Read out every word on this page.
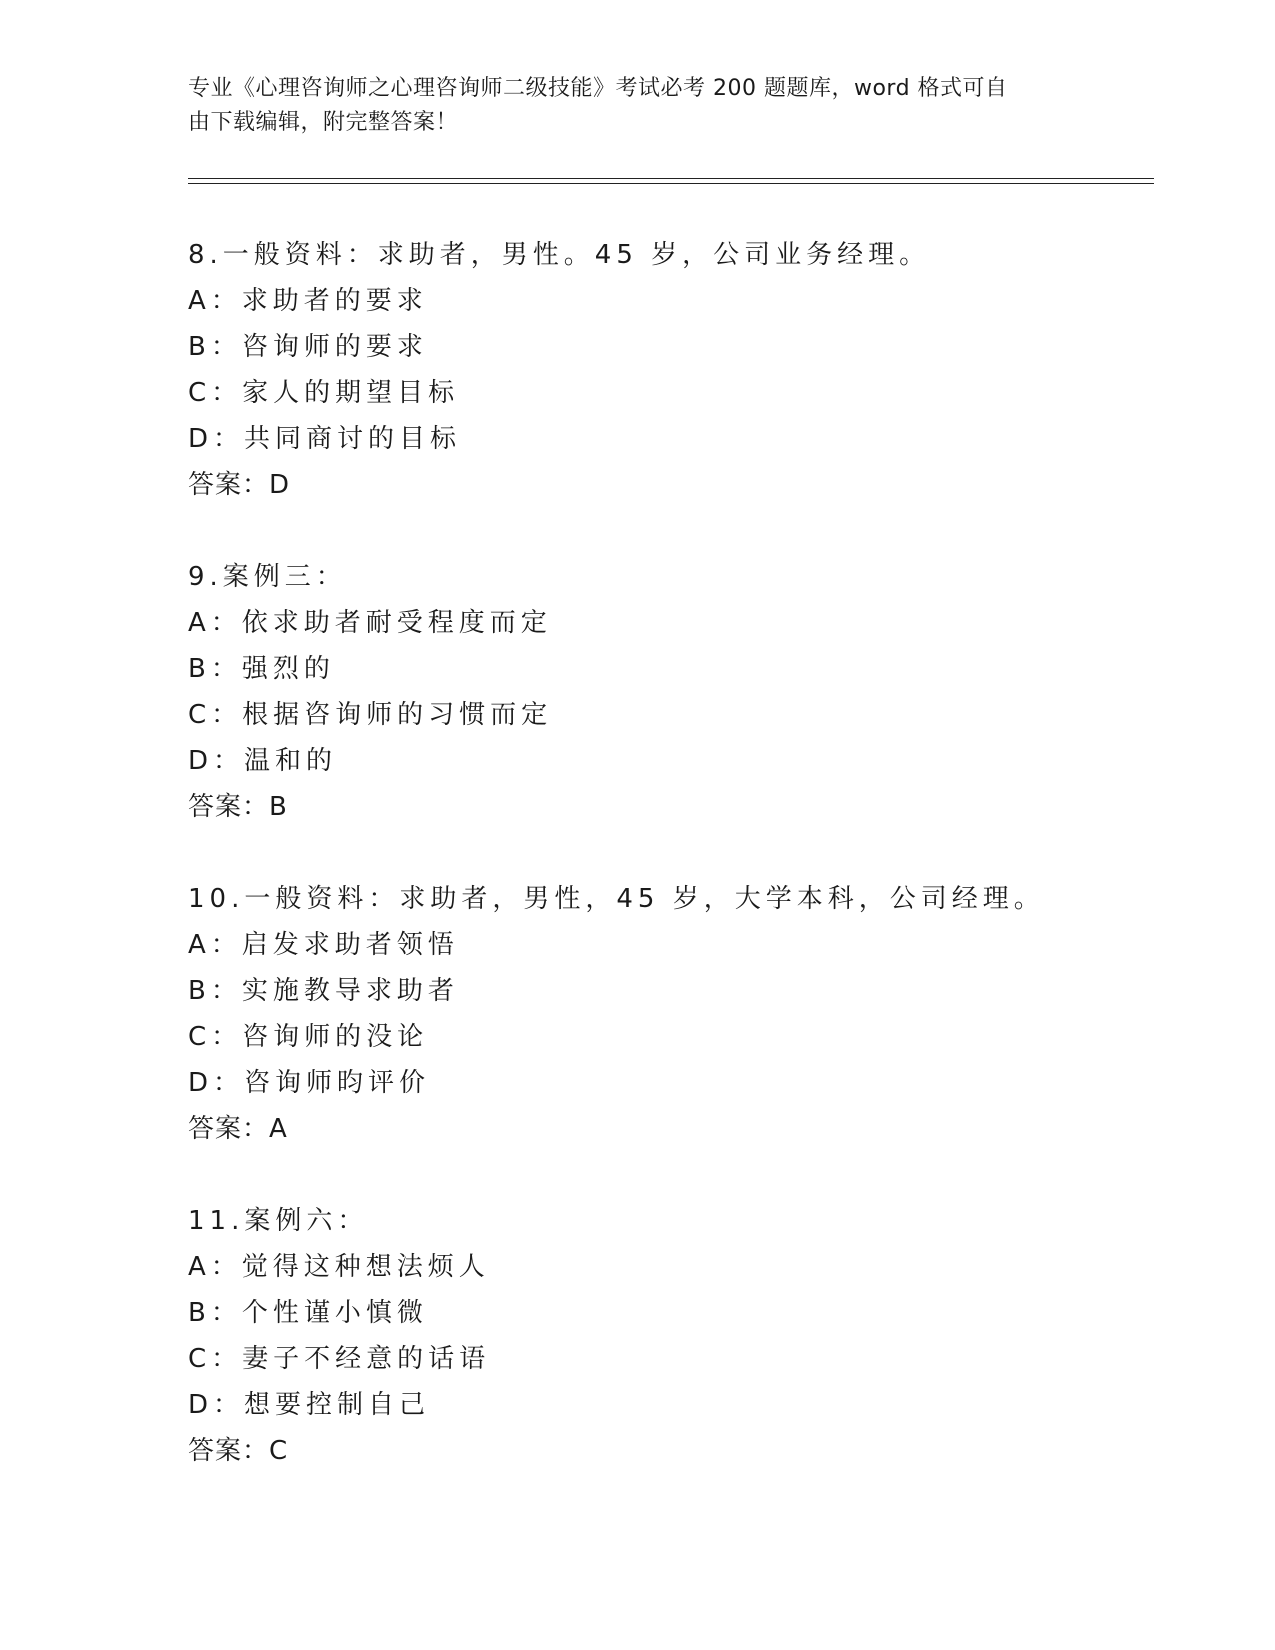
专业《心理咨询师之心理咨询师二级技能》考试必考 200 题题库，word 格式可自
由下载编辑，附完整答案！
8.一般资料：求助者，男性。45 岁，公司业务经理。
A：求助者的要求
B：咨询师的要求
C：家人的期望目标
D：共同商讨的目标
答案：D
9.案例三：
A：依求助者耐受程度而定
B：强烈的
C：根据咨询师的习惯而定
D：温和的
答案：B
10.一般资料：求助者，男性，45 岁，大学本科，公司经理。
A：启发求助者领悟
B：实施教导求助者
C：咨询师的没论
D：咨询师昀评价
答案：A
11.案例六：
A：觉得这种想法烦人
B：个性谨小慎微
C：妻子不经意的话语
D：想要控制自己
答案：C
